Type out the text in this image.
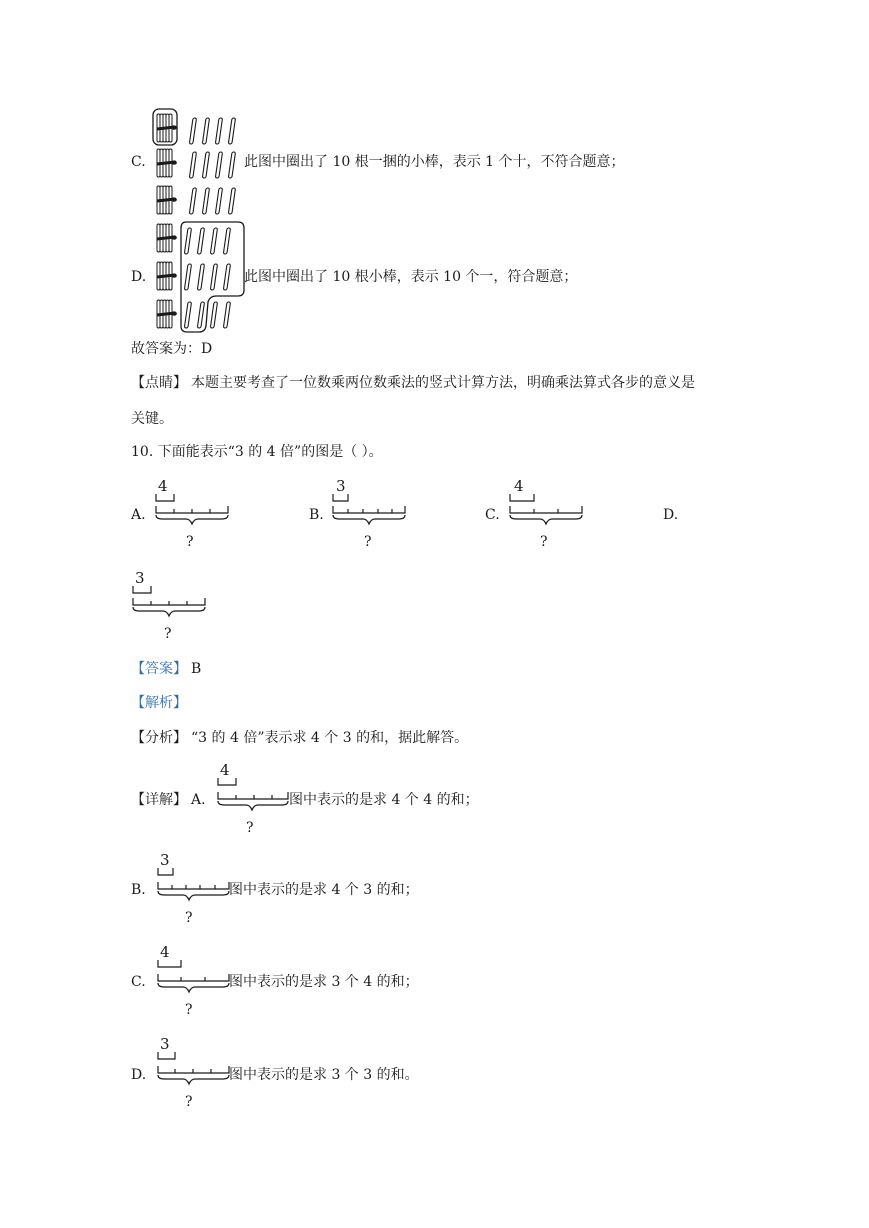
C.	此图中圈出了 10 根一捆的小棒，表示 1 个十，不符合题意；
D.	此图中圈出了 10 根小棒，表示 10 个一，符合题意；
故答案为：D
【点睛】 本题主要考查了一位数乘两位数乘法的竖式计算方法，明确乘法算式各步的意义是
关键。
10. 下面能表示“3 的 4 倍”的图是（ ）。
A.
4
?
B.
3
?
C.
4
?
D.
3
?
【答案】 B
【解析】
【分析】 “3 的 4 倍”表示求 4 个 3 的和，据此解答。
【详解】 A.
4
?
图中表示的是求 4 个 4 的和；
B.
3
?
图中表示的是求 4 个 3 的和；
C.
4
?
图中表示的是求 3 个 4 的和；
D.
3
?
图中表示的是求 3 个 3 的和。
